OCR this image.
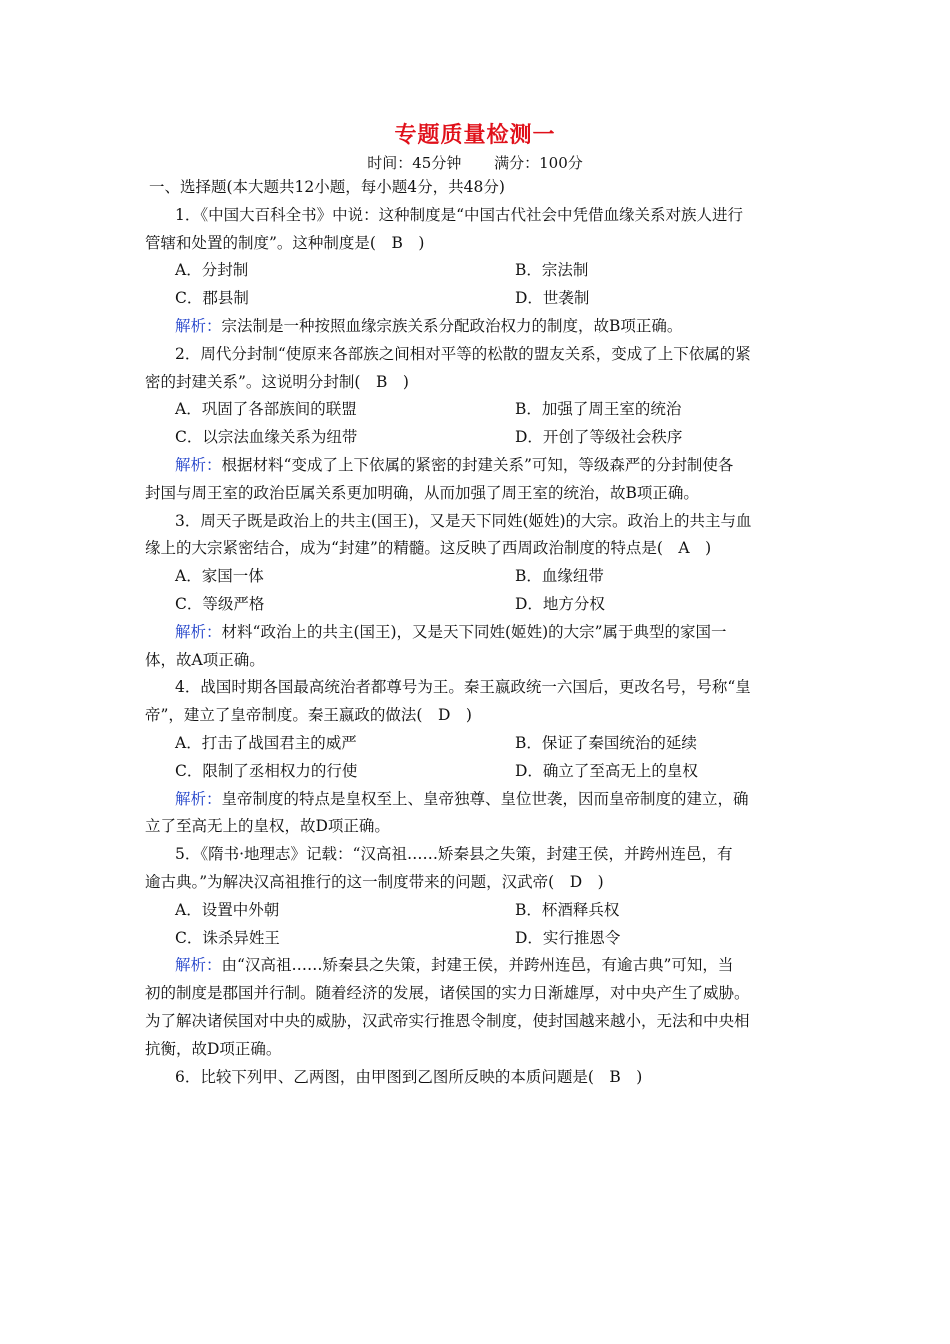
专题质量检测一
时间：45分钟 满分：100分
一、选择题(本大题共12小题，每小题4分，共48分)
1．《中国大百科全书》中说：这种制度是“中国古代社会中凭借血缘关系对族人进行
管辖和处置的制度”。这种制度是(　B　)
A．分封制	B．宗法制
C．郡县制	D．世袭制
解析：宗法制是一种按照血缘宗族关系分配政治权力的制度，故B项正确。
2．周代分封制“使原来各部族之间相对平等的松散的盟友关系，变成了上下依属的紧
密的封建关系”。这说明分封制(　B　)
A．巩固了各部族间的联盟	B．加强了周王室的统治
C．以宗法血缘关系为纽带	D．开创了等级社会秩序
解析：根据材料“变成了上下依属的紧密的封建关系”可知，等级森严的分封制使各
封国与周王室的政治臣属关系更加明确，从而加强了周王室的统治，故B项正确。
3．周天子既是政治上的共主(国王)，又是天下同姓(姬姓)的大宗。政治上的共主与血
缘上的大宗紧密结合，成为“封建”的精髓。这反映了西周政治制度的特点是(　A　)
A．家国一体	B．血缘纽带
C．等级严格	D．地方分权
解析：材料“政治上的共主(国王)，又是天下同姓(姬姓)的大宗”属于典型的家国一
体，故A项正确。
4．战国时期各国最高统治者都尊号为王。秦王嬴政统一六国后，更改名号，号称“皇
帝”，建立了皇帝制度。秦王嬴政的做法(　D　)
A．打击了战国君主的威严	B．保证了秦国统治的延续
C．限制了丞相权力的行使	D．确立了至高无上的皇权
解析：皇帝制度的特点是皇权至上、皇帝独尊、皇位世袭，因而皇帝制度的建立，确
立了至高无上的皇权，故D项正确。
5．《隋书·地理志》记载：“汉高祖……矫秦县之失策，封建王侯，并跨州连邑，有
逾古典。”为解决汉高祖推行的这一制度带来的问题，汉武帝(　D　)
A．设置中外朝	B．杯酒释兵权
C．诛杀异姓王	D．实行推恩令
解析：由“汉高祖……矫秦县之失策，封建王侯，并跨州连邑，有逾古典”可知，当
初的制度是郡国并行制。随着经济的发展，诸侯国的实力日渐雄厚，对中央产生了威胁。
为了解决诸侯国对中央的威胁，汉武帝实行推恩令制度，使封国越来越小，无法和中央相
抗衡，故D项正确。
6．比较下列甲、乙两图，由甲图到乙图所反映的本质问题是(　B　)
